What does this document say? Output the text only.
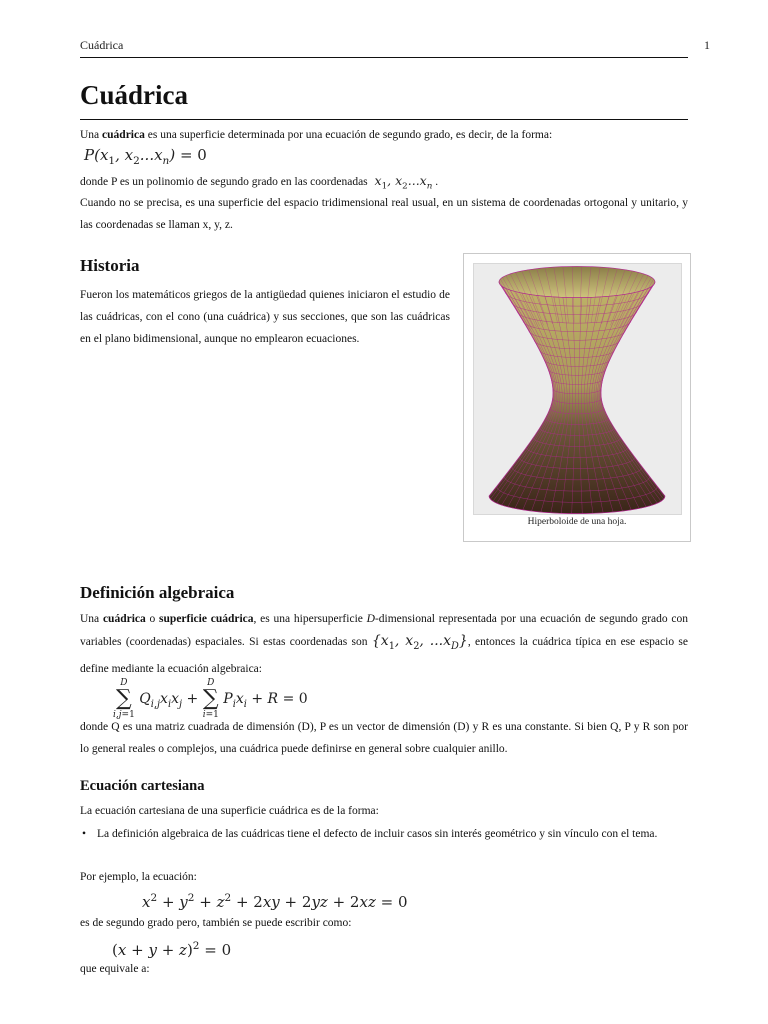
Cuádrica	1
Cuádrica

Una cuádrica es una superficie determinada por una ecuación de segundo grado, es decir, de la forma:

$P(x_1$, $x_2...x_n) = 0$

donde P es un polinomio de segundo grado en las coordenadas $x_1$, $x_2...x_n$ .

Cuando no se precisa, es una superficie del espacio tridimensional real usual, en un sistema de coordenadas ortogonal y unitario, y las coordenadas se llaman x, y, z.

Historia

Fueron los matemáticos griegos de la antigüedad quienes iniciaron el estudio de las cuádricas, con el cono (una cuádrica) y sus secciones, que son las cuádricas en el plano bidimensional, aunque no emplearon ecuaciones.

Hiperboloide de una hoja.
Definición algebraica

Una cuádrica o superficie cuádrica, es una hipersuperficie D-dimensional representada por una ecuación de segundo grado con variables (coordenadas) espaciales. Si estas coordenadas son {$x_1$, $x_2$, $...x_D$}, entonces la cuádrica típica en ese espacio se define mediante la ecuación algebraica:

D
∑
i,j=1
$Q_{i,j}x_ix_j$ +
D
∑
i=1
$P_ix_i + R = 0$

donde Q es una matriz cuadrada de dimensión (D), P es un vector de dimensión (D) y R es una constante. Si bien Q, P y R son por lo general reales o complejos, una cuádrica puede definirse en general sobre cualquier anillo.

Ecuación cartesiana

La ecuación cartesiana de una superficie cuádrica es de la forma:

• La definición algebraica de las cuádricas tiene el defecto de incluir casos sin interés geométrico y sin vínculo con el tema.

Por ejemplo, la ecuación:

$x^2 + y^2 + z^2 + 2xy + 2yz + 2xz = 0$

es de segundo grado pero, también se puede escribir como:

$(x + y + z)^2 = 0$

que equivale a:
